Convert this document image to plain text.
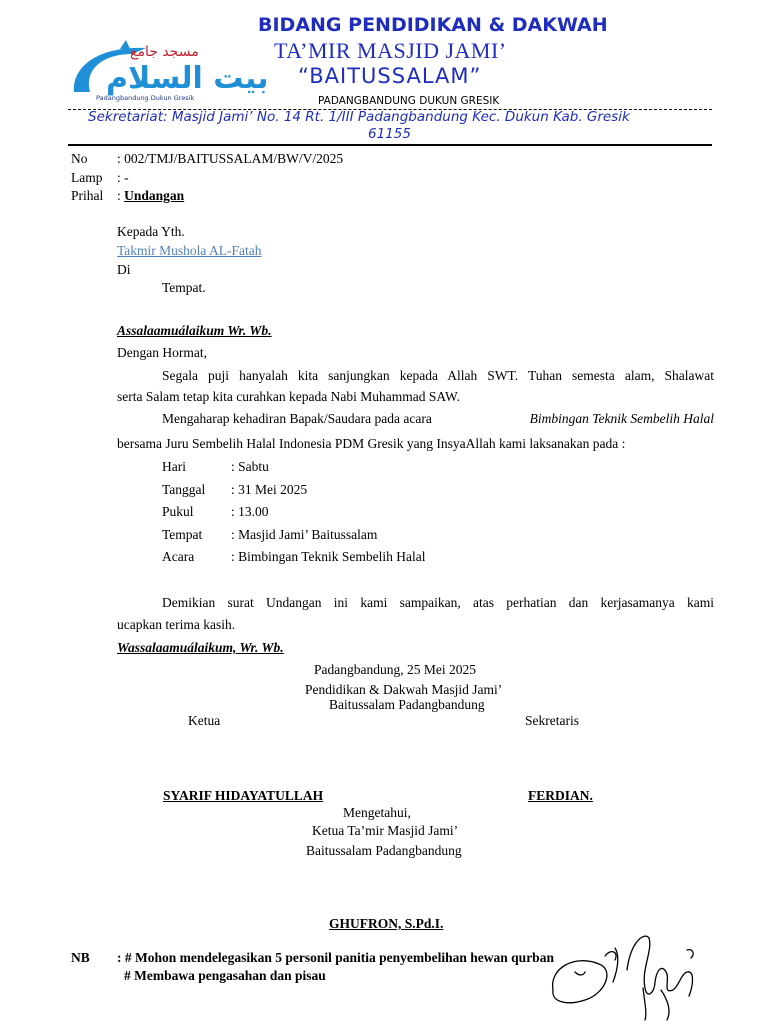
مسجد جامع
بيت السلام
Padangbandung Dukun Gresik
BIDANG PENDIDIKAN & DAKWAH
TA’MIR MASJID JAMI’
“BAITUSSALAM”
PADANGBANDUNG DUKUN GRESIK
Sekretariat: Masjid Jami’ No. 14 Rt. 1/III Padangbandung Kec. Dukun Kab. Gresik
61155
No : 002/TMJ/BAITUSSALAM/BW/V/2025
Lamp : -
Prihal : Undangan
Kepada Yth.
Takmir Mushola AL-Fatah
Di
Tempat.
Assalaamuálaikum Wr. Wb.
Dengan Hormat,
Segala puji hanyalah kita sanjungkan kepada Allah SWT. Tuhan semesta alam, Shalawat
serta Salam tetap kita curahkan kepada Nabi Muhammad SAW.
Mengaharap kehadiran Bapak/Saudara pada acara	Bimbingan Teknik Sembelih Halal
bersama Juru Sembelih Halal Indonesia PDM Gresik yang InsyaAllah kami laksanakan pada :
Hari	: Sabtu
Tanggal : 31 Mei 2025
Pukul	: 13.00
Tempat : Masjid Jami’ Baitussalam
Acara	: Bimbingan Teknik Sembelih Halal
Demikian surat Undangan ini kami sampaikan, atas perhatian dan kerjasamanya kami
ucapkan terima kasih.
Wassalaamuálaikum, Wr. Wb.
Padangbandung, 25 Mei 2025
Pendidikan & Dakwah Masjid Jami’
Baitussalam Padangbandung
Ketua	Sekretaris
SYARIF HIDAYATULLAH	FERDIAN.
Mengetahui,
Ketua Ta’mir Masjid Jami’
Baitussalam Padangbandung
GHUFRON, S.Pd.I.
NB : # Mohon mendelegasikan 5 personil panitia penyembelihan hewan qurban
# Membawa pengasahan dan pisau
